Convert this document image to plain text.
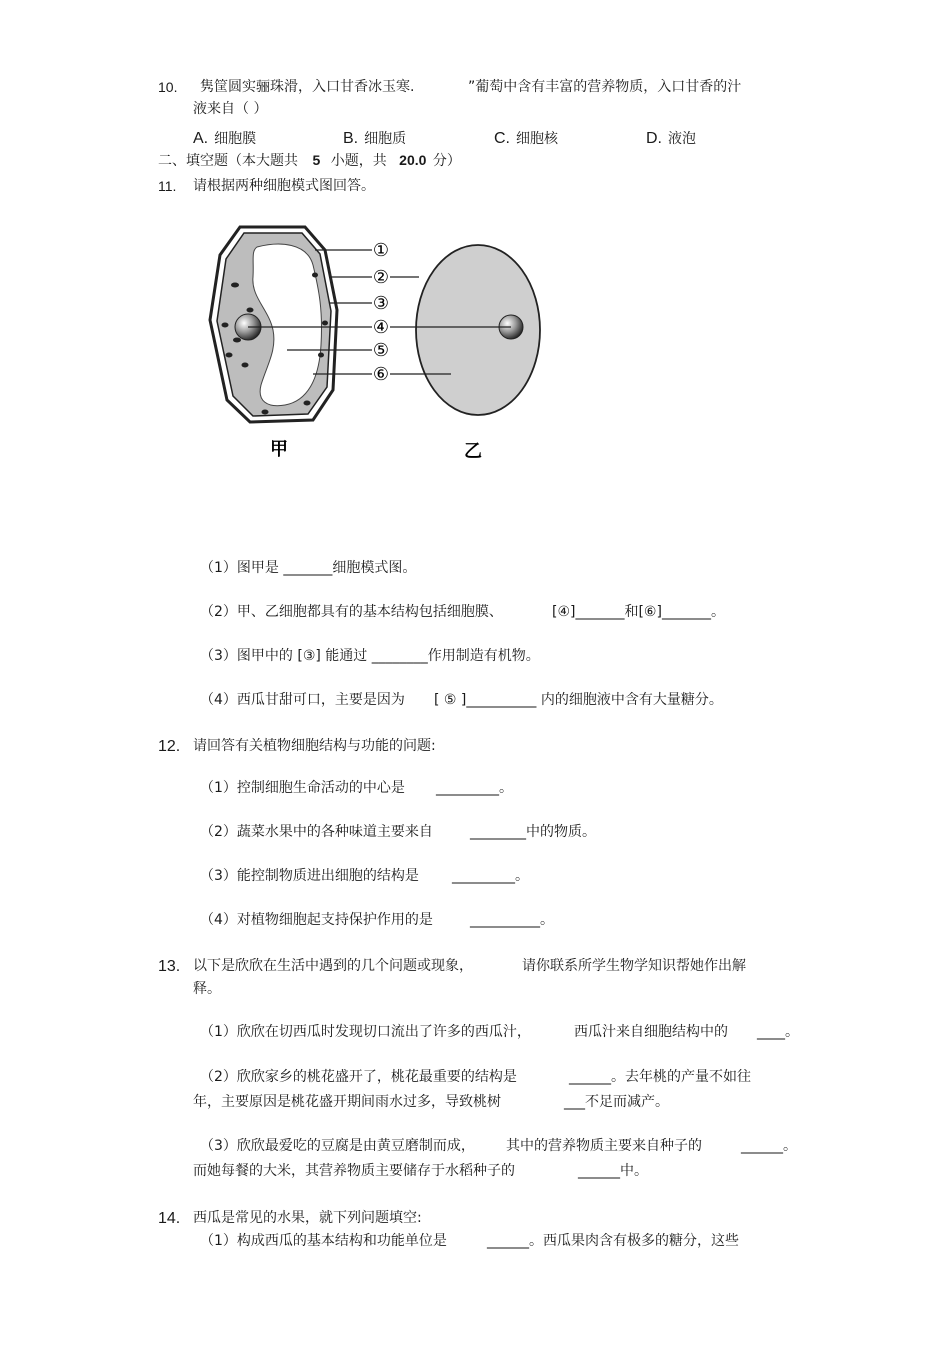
10. 隽筐圆实骊珠滑，入口甘香冰玉寒.	”葡萄中含有丰富的营养物质，入口甘香的汁
液来自（ ）
A. 细胞膜	B. 细胞质	C. 细胞核	D. 液泡
二、填空题（本大题共 5 小题，共 20.0 分）
11. 请根据两种细胞模式图回答。
①
②
③
④
⑤
⑥
甲	乙
（1）图甲是 _______细胞模式图。
（2）甲、乙细胞都具有的基本结构包括细胞膜、	[④]_______和[⑥]_______。
（3）图甲中的 [③] 能通过 ________作用制造有机物。
（4）西瓜甘甜可口，主要是因为 [ ⑤ ]__________ 内的细胞液中含有大量糖分。
12. 请回答有关植物细胞结构与功能的问题:
（1）控制细胞生命活动的中心是 _________。
（2）蔬菜水果中的各种味道主要来自	________中的物质。
（3）能控制物质进出细胞的结构是 _________。
（4）对植物细胞起支持保护作用的是	__________。
13. 以下是欣欣在生活中遇到的几个问题或现象，	请你联系所学生物学知识帮她作出解
释。
（1）欣欣在切西瓜时发现切口流出了许多的西瓜汁，	西瓜汁来自细胞结构中的 ____。
（2）欣欣家乡的桃花盛开了，桃花最重要的结构是	______。去年桃的产量不如往
年，主要原因是桃花盛开期间雨水过多，导致桃树	___不足而减产。
（3）欣欣最爱吃的豆腐是由黄豆磨制而成， 其中的营养物质主要来自种子的	______。
而她每餐的大米，其营养物质主要储存于水稻种子的	______中。
14. 西瓜是常见的水果，就下列问题填空:
（1）构成西瓜的基本结构和功能单位是	______。西瓜果肉含有极多的糖分，这些
